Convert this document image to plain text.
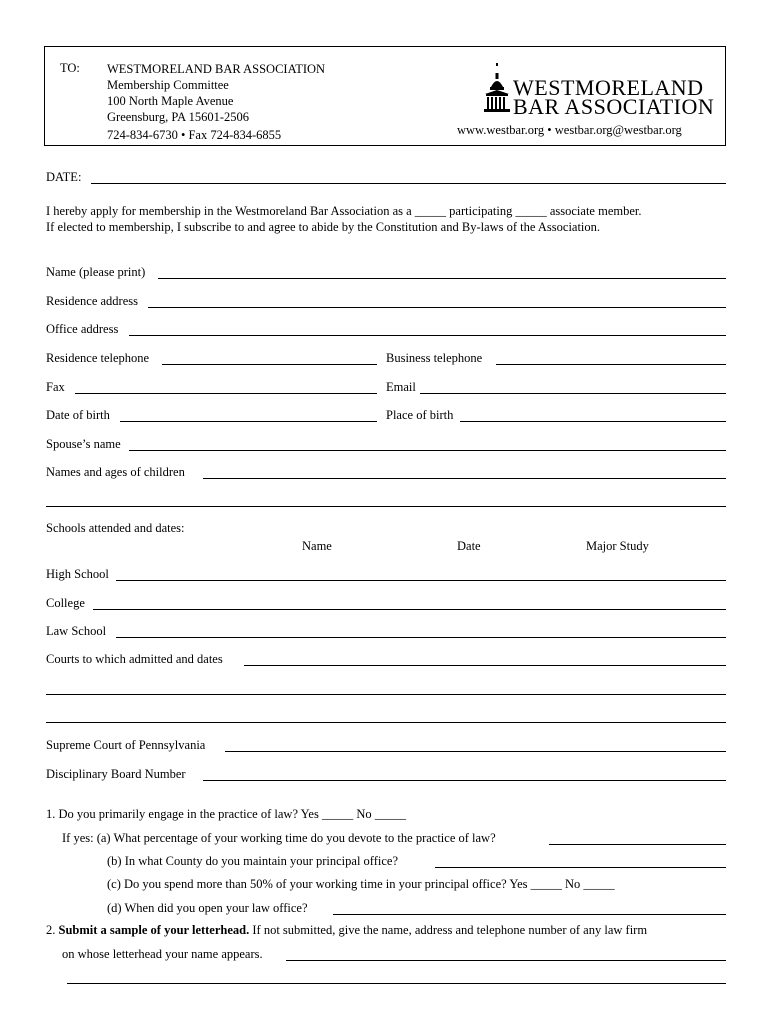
TO: WESTMORELAND BAR ASSOCIATION
Membership Committee
100 North Maple Avenue
Greensburg, PA 15601-2506
724-834-6730 • Fax 724-834-6855
WESTMORELAND
BAR ASSOCIATION
www.westbar.org • westbar.org@westbar.org
DATE:
I hereby apply for membership in the Westmoreland Bar Association as a _____ participating _____ associate member.
If elected to membership, I subscribe to and agree to abide by the Constitution and By-laws of the Association.
Name (please print)
Residence address
Office address
Residence telephone	Business telephone
Fax	Email
Date of birth	Place of birth
Spouse’s name
Names and ages of children
Schools attended and dates:
Name	Date	Major Study
High School
College
Law School
Courts to which admitted and dates
Supreme Court of Pennsylvania
Disciplinary Board Number
1. Do you primarily engage in the practice of law? Yes _____ No _____
If yes: (a) What percentage of your working time do you devote to the practice of law?
(b) In what County do you maintain your principal office?
(c) Do you spend more than 50% of your working time in your principal office? Yes _____ No _____
(d) When did you open your law office?
2. Submit a sample of your letterhead. If not submitted, give the name, address and telephone number of any law firm
on whose letterhead your name appears.
